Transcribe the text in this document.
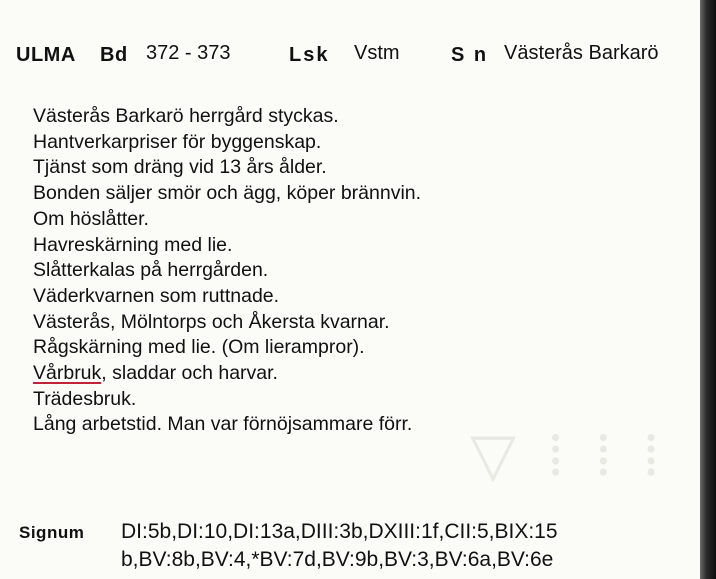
▽ ⁞ ⁞ ⁞
ULMA Bd 372 - 373	Lsk Vstm	S n Västerås Barkarö
Västerås Barkarö herrgård styckas.
Hantverkarpriser för byggenskap.
Tjänst som dräng vid 13 års ålder.
Bonden säljer smör och ägg, köper brännvin.
Om höslåtter.
Havreskärning med lie.
Slåtterkalas på herrgården.
Väderkvarnen som ruttnade.
Västerås, Mölntorps och Åkersta kvarnar.
Rågskärning med lie. (Om lierampror).
Vårbruk, sladdar och harvar.
Trädesbruk.
Lång arbetstid. Man var förnöjsammare förr.
Signum DI:5b,DI:10,DI:13a,DIII:3b,DXIII:1f,CII:5,BIX:15
b,BV:8b,BV:4,*BV:7d,BV:9b,BV:3,BV:6a,BV:6e
